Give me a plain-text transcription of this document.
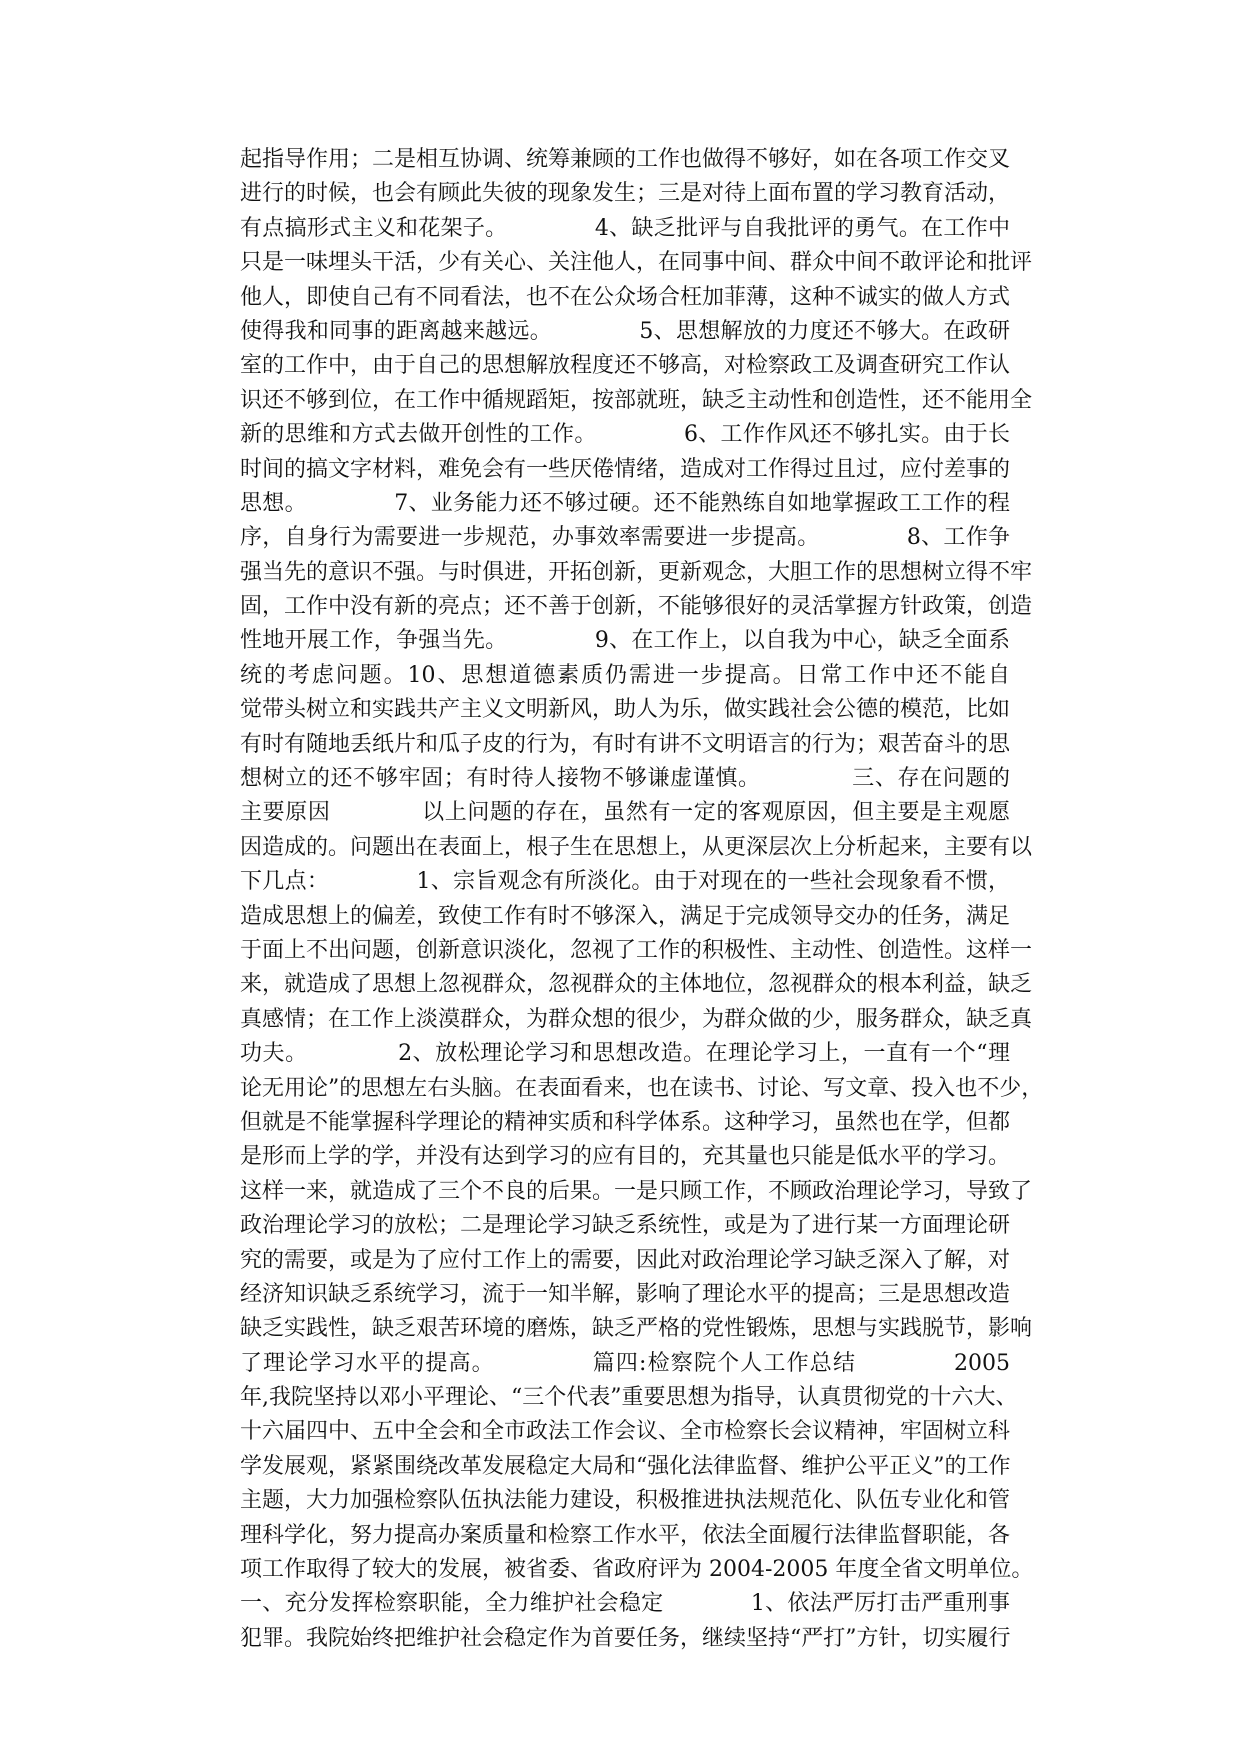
起指导作用；二是相互协调、统筹兼顾的工作也做得不够好，如在各项工作交叉
进行的时候，也会有顾此失彼的现象发生；三是对待上面布置的学习教育活动，
有点搞形式主义和花架子。            4、缺乏批评与自我批评的勇气。在工作中
只是一味埋头干活，少有关心、关注他人，在同事中间、群众中间不敢评论和批评
他人，即使自己有不同看法，也不在公众场合枉加菲薄，这种不诚实的做人方式
使得我和同事的距离越来越远。            5、思想解放的力度还不够大。在政研
室的工作中，由于自己的思想解放程度还不够高，对检察政工及调查研究工作认
识还不够到位，在工作中循规蹈矩，按部就班，缺乏主动性和创造性，还不能用全
新的思维和方式去做开创性的工作。            6、工作作风还不够扎实。由于长
时间的搞文字材料，难免会有一些厌倦情绪，造成对工作得过且过，应付差事的
思想。            7、业务能力还不够过硬。还不能熟练自如地掌握政工工作的程
序，自身行为需要进一步规范，办事效率需要进一步提高。            8、工作争
强当先的意识不强。与时俱进，开拓创新，更新观念，大胆工作的思想树立得不牢
固，工作中没有新的亮点；还不善于创新，不能够很好的灵活掌握方针政策，创造
性地开展工作，争强当先。            9、在工作上，以自我为中心，缺乏全面系
统的考虑问题。10、思想道德素质仍需进一步提高。日常工作中还不能自
觉带头树立和实践共产主义文明新风，助人为乐，做实践社会公德的模范，比如
有时有随地丢纸片和瓜子皮的行为，有时有讲不文明语言的行为；艰苦奋斗的思
想树立的还不够牢固；有时待人接物不够谦虚谨慎。            三、存在问题的
主要原因            以上问题的存在，虽然有一定的客观原因，但主要是主观愿
因造成的。问题出在表面上，根子生在思想上，从更深层次上分析起来，主要有以
下几点：            1、宗旨观念有所淡化。由于对现在的一些社会现象看不惯，
造成思想上的偏差，致使工作有时不够深入，满足于完成领导交办的任务，满足
于面上不出问题，创新意识淡化，忽视了工作的积极性、主动性、创造性。这样一
来，就造成了思想上忽视群众，忽视群众的主体地位，忽视群众的根本利益，缺乏
真感情；在工作上淡漠群众，为群众想的很少，为群众做的少，服务群众，缺乏真
功夫。            2、放松理论学习和思想改造。在理论学习上，一直有一个“理
论无用论”的思想左右头脑。在表面看来，也在读书、讨论、写文章、投入也不少，
但就是不能掌握科学理论的精神实质和科学体系。这种学习，虽然也在学，但都
是形而上学的学，并没有达到学习的应有目的，充其量也只能是低水平的学习。
这样一来，就造成了三个不良的后果。一是只顾工作，不顾政治理论学习，导致了
政治理论学习的放松；二是理论学习缺乏系统性，或是为了进行某一方面理论研
究的需要，或是为了应付工作上的需要，因此对政治理论学习缺乏深入了解，对
经济知识缺乏系统学习，流于一知半解，影响了理论水平的提高；三是思想改造
缺乏实践性，缺乏艰苦环境的磨炼，缺乏严格的党性锻炼，思想与实践脱节，影响
了理论学习水平的提高。            篇四:检察院个人工作总结            2005
年,我院坚持以邓小平理论、“三个代表”重要思想为指导，认真贯彻党的十六大、
十六届四中、五中全会和全市政法工作会议、全市检察长会议精神，牢固树立科
学发展观，紧紧围绕改革发展稳定大局和“强化法律监督、维护公平正义”的工作
主题，大力加强检察队伍执法能力建设，积极推进执法规范化、队伍专业化和管
理科学化，努力提高办案质量和检察工作水平，依法全面履行法律监督职能，各
项工作取得了较大的发展，被省委、省政府评为 2004-2005 年度全省文明单位。
一、充分发挥检察职能，全力维护社会稳定            1、依法严厉打击严重刑事
犯罪。我院始终把维护社会稳定作为首要任务，继续坚持“严打”方针，切实履行
